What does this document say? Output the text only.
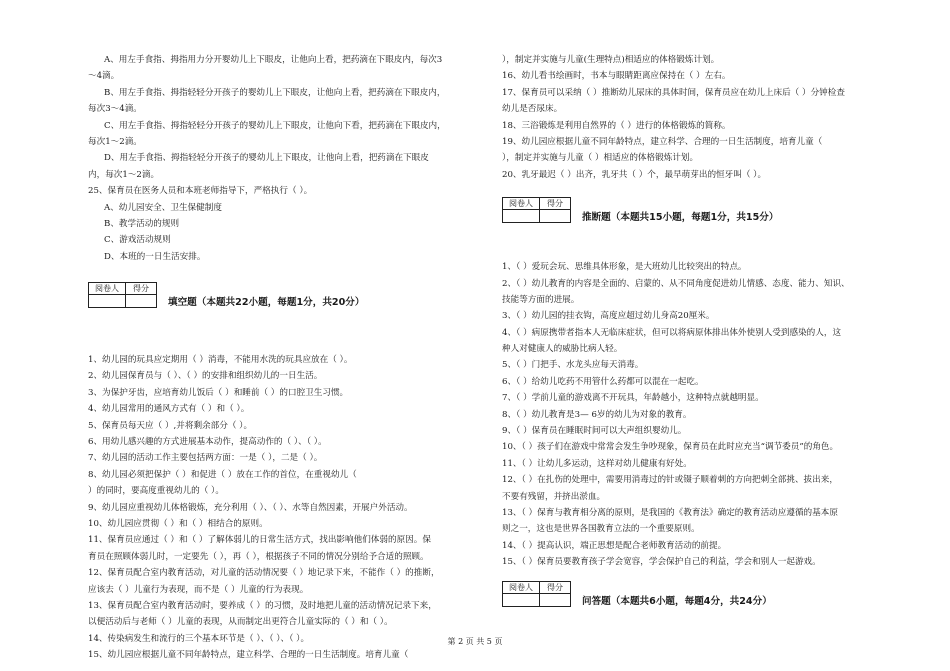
A、用左手食指、拇指用力分开婴幼儿上下眼皮，让他向上看，把药滴在下眼皮内，每次3
～4滴。
B、用左手食指、拇指轻轻分开孩子的婴幼儿上下眼皮，让他向上看，把药滴在下眼皮内，
每次3～4滴。
C、用左手食指、拇指轻轻分开孩子的婴幼儿上下眼皮，让他向下看，把药滴在下眼皮内，
每次1～2滴。
D、用左手食指、拇指轻轻分开孩子的婴幼儿上下眼皮，让他向上看，把药滴在下眼皮
内，每次1～2滴。
25、保育员在医务人员和本班老师指导下，严格执行（ ）。
A、幼儿园安全、卫生保健制度
B、教学活动的规则
C、游戏活动规则
D、本班的一日生活安排。
阅卷人	得分

填空题（本题共22小题，每题1分，共20分）
1、幼儿园的玩具应定期用（ ）消毒，不能用水洗的玩具应放在（ ）。
2、幼儿园保育员与（ ）、（ ）的安排和组织幼儿的一日生活。
3、为保护牙齿，应培育幼儿饭后（ ）和睡前（ ）的口腔卫生习惯。
4、幼儿园常用的通风方式有（ ）和（ ）。
5、保育员每天应（ ）,并将剩余部分（ ）。
6、用幼儿感兴趣的方式进展基本动作，提高动作的（ ）、（ ）。
7、幼儿园的活动工作主要包括两方面：一是（ ），二是（ ）。
8、幼儿园必须把保护（ ）和促进（ ）放在工作的首位，在重视幼儿（
）的同时，要高度重视幼儿的（ ）。
9、幼儿园应重视幼儿体格锻炼，充分利用（ ）、（ ）、水等自然因素，开展户外活动。
10、幼儿园应贯彻（ ）和（ ）相结合的原则。
11、保育员应通过（ ）和（ ）了解体弱儿的日常生活方式，找出影响他们体弱的原因。保
育员在照顾体弱儿时，一定要先（ ），再（ ），根据孩子不同的情况分别给予合适的照顾。
12、保育员配合室内教育活动，对儿童的活动情况要（ ）地记录下来，不能作（ ）的推断，
应该去（ ）儿童行为表现，而不是（ ）儿童的行为表现。
13、保育员配合室内教育活动时，要养成（ ）的习惯，及时地把儿童的活动情况记录下来，
以便活动后与老师（ ）儿童的表现，从而制定出更符合儿童实际的（ ）和（ ）。
14、传染病发生和流行的三个基本环节是（ ）、（ ）、（ ）。
15、幼儿园应根据儿童不同年龄特点，建立科学、合理的一日生活制度。培育儿童（
），制定并实施与儿童(生理特点)相适应的体格锻炼计划。
16、幼儿看书绘画时，书本与眼睛距离应保持在（ ）左右。
17、保育员可以采纳（ ）推断幼儿尿床的具体时间，保育员应在幼儿上床后（ ）分钟检查
幼儿是否尿床。
18、三浴锻炼是利用自然界的（ ）进行的体格锻炼的简称。
19、幼儿园应根据儿童不同年龄特点，建立科学、合理的一日生活制度，培育儿童（
），制定并实施与儿童（ ）相适应的体格锻炼计划。
20、乳牙最迟（ ）出齐，乳牙共（ ）个，最早萌芽出的恒牙叫（ ）。
阅卷人	得分

推断题（本题共15小题，每题1分，共15分）
1、（ ）爱玩会玩、思维具体形象，是大班幼儿比较突出的特点。
2、（ ）幼儿教育的内容是全面的、启蒙的、从不同角度促进幼儿情感、态度、能力、知识、
技能等方面的进展。
3、（ ）幼儿园的挂衣钩，高度应超过幼儿身高20厘米。
4、（ ）病原携带者指本人无临床症状，但可以将病原体排出体外使别人受到感染的人，这
种人对健康人的威胁比病人轻。
5、（ ）门把手、水龙头应每天消毒。
6、（ ）给幼儿吃药不用管什么药都可以混在一起吃。
7、（ ）学前儿童的游戏离不开玩具，年龄越小，这种特点就越明显。
8、（ ）幼儿教育是3— 6岁的幼儿为对象的教育。
9、（ ）保育员在睡眠时间可以大声组织婴幼儿。
10、（ ）孩子们在游戏中常常会发生争吵现象，保育员在此时应充当“调节委员”的角色。
11、（ ）让幼儿多运动，这样对幼儿健康有好处。
12、（ ）在扎伤的处理中，需要用消毒过的针或镊子顺着刺的方向把刺全部挑、拔出来，
不要有残留，并挤出淤血。
13、（ ）保育与教育相分离的原则，是我国的《教育法》确定的教育活动应遵循的基本原
则之一，这也是世界各国教育立法的一个重要原则。
14、（ ）提高认识，端正思想是配合老师教育活动的前提。
15、（ ）保育员要教育孩子学会宽容，学会保护自己的利益，学会和别人一起游戏。
阅卷人	得分

问答题（本题共6小题，每题4分，共24分）
第 2 页 共 5 页
